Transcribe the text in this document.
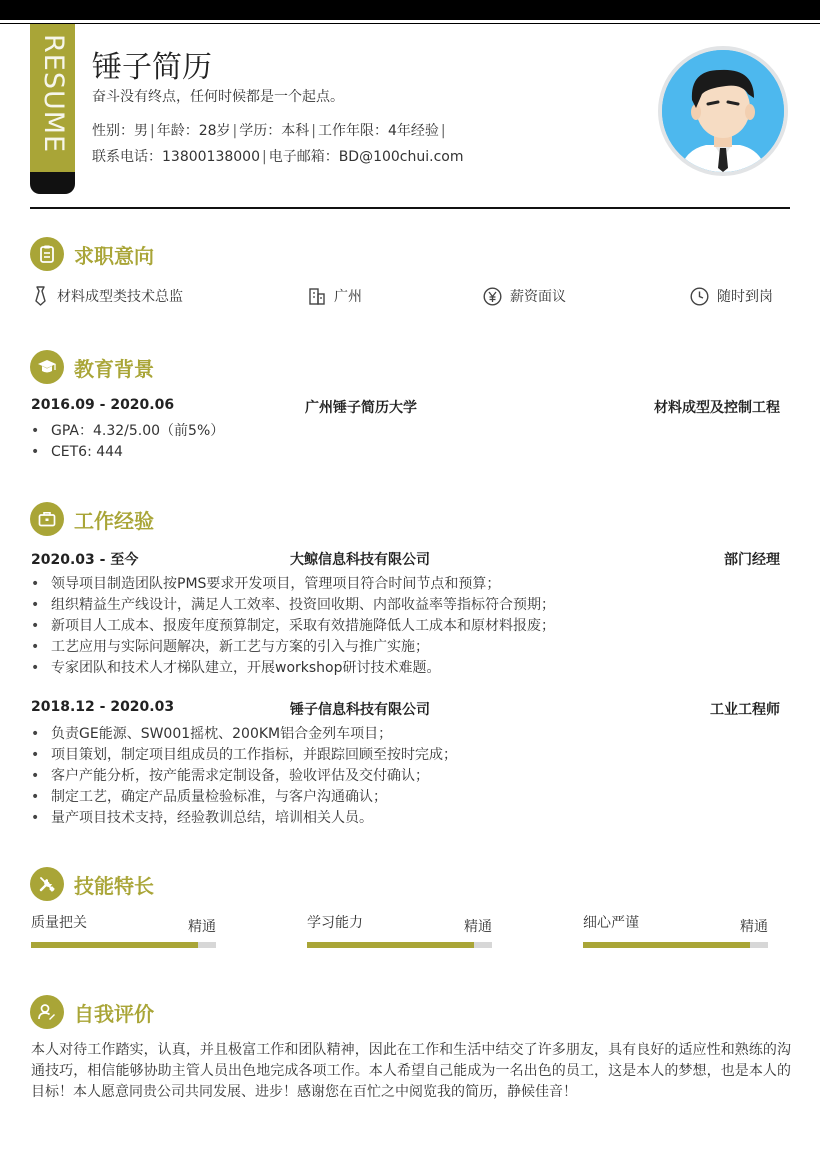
RESUME 锤子简历
奋斗没有终点，任何时候都是一个起点。
性别：男 | 年龄：28岁 | 学历：本科 | 工作年限：4年经验 |
联系电话：13800138000 | 电子邮箱：BD@100chui.com
求职意向
材料成型类技术总监	广州	薪资面议	随时到岗
教育背景
2016.09 - 2020.06	广州锤子简历大学	材料成型及控制工程
• GPA：4.32/5.00（前5%）
• CET6: 444
工作经验
2020.03 - 至今	大鲸信息科技有限公司	部门经理
• 领导项目制造团队按PMS要求开发项目，管理项目符合时间节点和预算；
• 组织精益生产线设计，满足人工效率、投资回收期、内部收益率等指标符合预期；
• 新项目人工成本、报废年度预算制定，采取有效措施降低人工成本和原材料报废；
• 工艺应用与实际问题解决，新工艺与方案的引入与推广实施；
• 专家团队和技术人才梯队建立，开展workshop研讨技术难题。
2018.12 - 2020.03	锤子信息科技有限公司	工业工程师
• 负责GE能源、SW001摇枕、200KM铝合金列车项目；
• 项目策划，制定项目组成员的工作指标，并跟踪回顾至按时完成；
• 客户产能分析，按产能需求定制设备，验收评估及交付确认；
• 制定工艺，确定产品质量检验标准，与客户沟通确认；
• 量产项目技术支持，经验教训总结，培训相关人员。
技能特长
质量把关	精通	学习能力	精通	细心严谨	精通
自我评价
本人对待工作踏实，认真，并且极富工作和团队精神，因此在工作和生活中结交了许多朋友，具有良好的适应性和熟练的沟通技巧，相信能够协助主管人员出色地完成各项工作。本人希望自己能成为一名出色的员工，这是本人的梦想，也是本人的目标！本人愿意同贵公司共同发展、进步！感谢您在百忙之中阅览我的简历，静候佳音！
